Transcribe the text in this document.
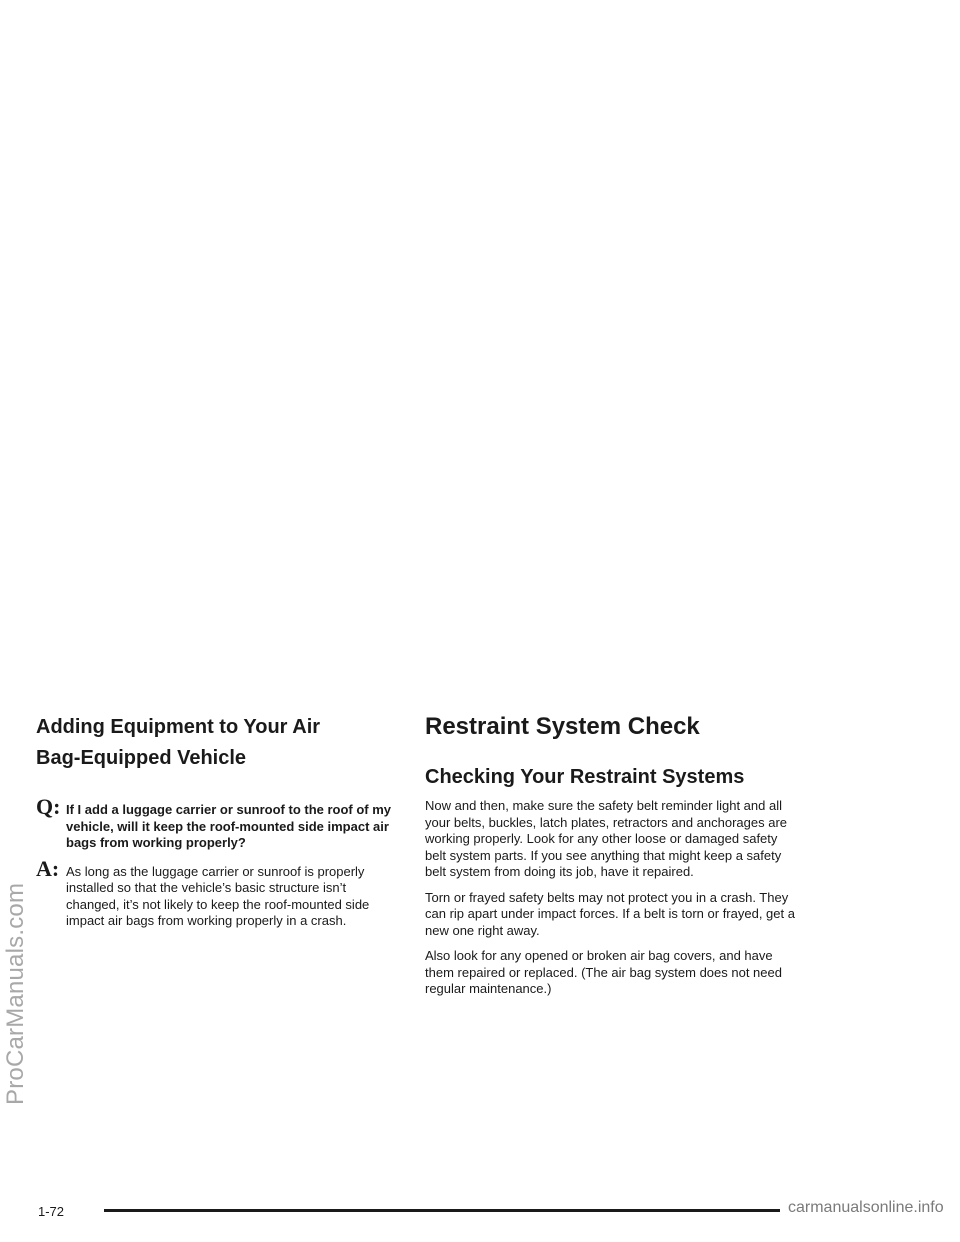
Adding Equipment to Your Air
Bag-Equipped Vehicle
Q: If I add a luggage carrier or sunroof to the roof of my vehicle, will it keep the roof-mounted side impact air bags from working properly?
A: As long as the luggage carrier or sunroof is properly installed so that the vehicle’s basic structure isn’t changed, it’s not likely to keep the roof-mounted side impact air bags from working properly in a crash.
Restraint System Check
Checking Your Restraint Systems

Now and then, make sure the safety belt reminder light and all your belts, buckles, latch plates, retractors and anchorages are working properly. Look for any other loose or damaged safety belt system parts. If you see anything that might keep a safety belt system from doing its job, have it repaired.

Torn or frayed safety belts may not protect you in a crash. They can rip apart under impact forces. If a belt is torn or frayed, get a new one right away.

Also look for any opened or broken air bag covers, and have them repaired or replaced. (The air bag system does not need regular maintenance.)

ProCarManuals.com
1-72	carmanualsonline.info
